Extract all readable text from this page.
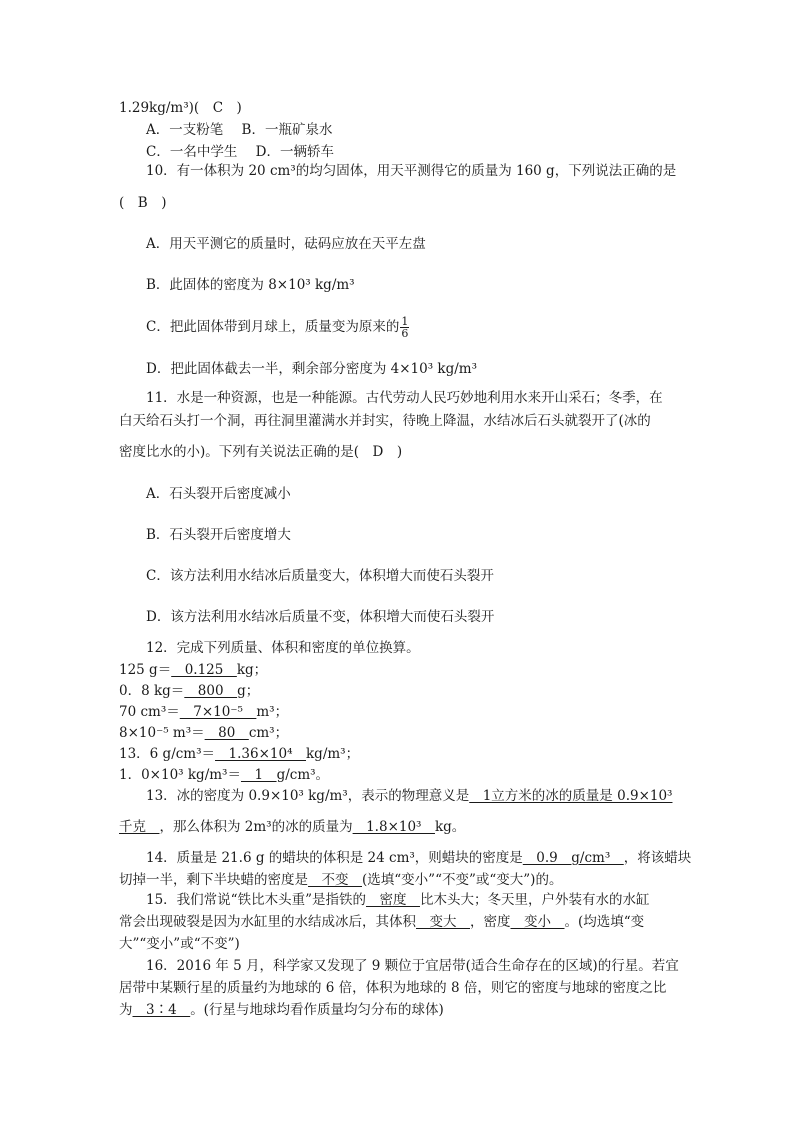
1.29kg/m³)(　C　)
A．一支粉笔 B．一瓶矿泉水
C．一名中学生 D．一辆轿车
10．有一体积为 20 cm³的均匀固体，用天平测得它的质量为 160 g，下列说法正确的是
(　B　)
A．用天平测它的质量时，砝码应放在天平左盘
B．此固体的密度为 8×10³ kg/m³
C．把此固体带到月球上，质量变为原来的 $\frac{1}{6}$
D．把此固体截去一半，剩余部分密度为 4×10³ kg/m³
11．水是一种资源，也是一种能源。古代劳动人民巧妙地利用水来开山采石；冬季，在
白天给石头打一个洞，再往洞里灌满水并封实，待晚上降温，水结冰后石头就裂开了(冰的
密度比水的小)。下列有关说法正确的是(　D　)
A．石头裂开后密度减小
B．石头裂开后密度增大
C．该方法利用水结冰后质量变大，体积增大而使石头裂开
D．该方法利用水结冰后质量不变，体积增大而使石头裂开
12．完成下列质量、体积和密度的单位换算。
125 g＝　0.125　kg；
0．8 kg＝　800　g；
70 cm³＝　7×10⁻⁵　m³；
8×10⁻⁵ m³＝　80　cm³；
13．6 g/cm³＝　1.36×10⁴　kg/m³；
1．0×10³ kg/m³＝　1　g/cm³。
13．冰的密度为 0.9×10³ kg/m³，表示的物理意义是　1立方米的冰的质量是 0.9×10³
千克　，那么体积为 2m³的冰的质量为　1.8×10³　kg。
14．质量是 21.6 g 的蜡块的体积是 24 cm³，则蜡块的密度是　0.9　g/cm³　，将该蜡块
切掉一半，剩下半块蜡的密度是　不变　(选填“变小”“不变”或“变大”)的。
15．我们常说“铁比木头重”是指铁的　密度　比木头大；冬天里，户外装有水的水缸
常会出现破裂是因为水缸里的水结成冰后，其体积　变大　，密度　变小　。(均选填“变
大”“变小”或“不变”)
16．2016 年 5 月，科学家又发现了 9 颗位于宜居带(适合生命存在的区域)的行星。若宜
居带中某颗行星的质量约为地球的 6 倍，体积为地球的 8 倍，则它的密度与地球的密度之比
为　3∶4　。(行星与地球均看作质量均匀分布的球体)
